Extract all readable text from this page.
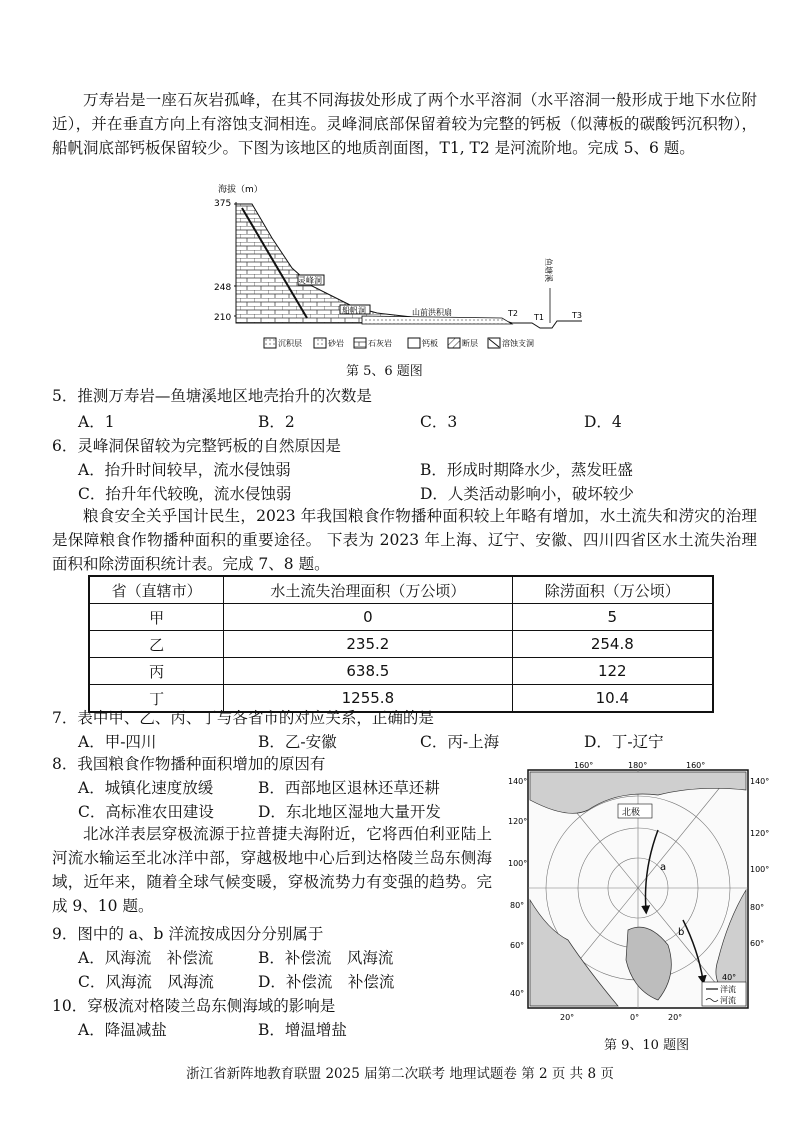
万寿岩是一座石灰岩孤峰，在其不同海拔处形成了两个水平溶洞（水平溶洞一般形成于地下水位附近），并在垂直方向上有溶蚀支洞相连。灵峰洞底部保留着较为完整的钙板（似薄板的碳酸钙沉积物），船帆洞底部钙板保留较少。下图为该地区的地质剖面图，T1, T2 是河流阶地。完成 5、6 题。
海拔（m）
375
248
210
灵峰洞
船帆洞	山前洪积扇	T2 T1	T3
鱼塘溪
沉积层	砂岩	石灰岩	钙板	断层	溶蚀支洞
第 5、6 题图
5．推测万寿岩—鱼塘溪地区地壳抬升的次数是
A．1	B．2	C．3	D．4
6．灵峰洞保留较为完整钙板的自然原因是
A．抬升时间较早，流水侵蚀弱	B．形成时期降水少，蒸发旺盛
C．抬升年代较晚，流水侵蚀弱	D．人类活动影响小，破坏较少
粮食安全关乎国计民生，2023 年我国粮食作物播种面积较上年略有增加，水土流失和涝灾的治理是保障粮食作物播种面积的重要途径。 下表为 2023 年上海、辽宁、安徽、四川四省区水土流失治理面积和除涝面积统计表。完成 7、8 题。
省（直辖市）	水土流失治理面积（万公顷）	除涝面积（万公顷）
甲	0	5
乙	235.2	254.8
丙	638.5	122
丁	1255.8	10.4
7．表中甲、乙、丙、丁与各省市的对应关系，正确的是
A．甲-四川	B．乙-安徽	C．丙-上海	D．丁-辽宁
8．我国粮食作物播种面积增加的原因有
A．城镇化速度放缓	B．西部地区退林还草还耕
C．高标准农田建设	D．东北地区湿地大量开发
北冰洋表层穿极流源于拉普捷夫海附近，它将西伯利亚陆上河流水输运至北冰洋中部，穿越极地中心后到达格陵兰岛东侧海域，近年来，随着全球气候变暖，穿极流势力有变强的趋势。完成 9、10 题。
9．图中的 a、b 洋流按成因分分别属于
A．风海流　补偿流	B．补偿流　风海流
C．风海流　风海流	D．补偿流　补偿流
10．穿极流对格陵兰岛东侧海域的影响是
A．降温减盐	B．增温增盐
a
b
北极
160°	180°	160°
140°
120°
100°
80°
60°
40°
140°
120°
100°
80°
60°
40°
20°	0°	20°
洋流
河流
第 9、10 题图
浙江省新阵地教育联盟 2025 届第二次联考 地理试题卷 第 2 页 共 8 页
